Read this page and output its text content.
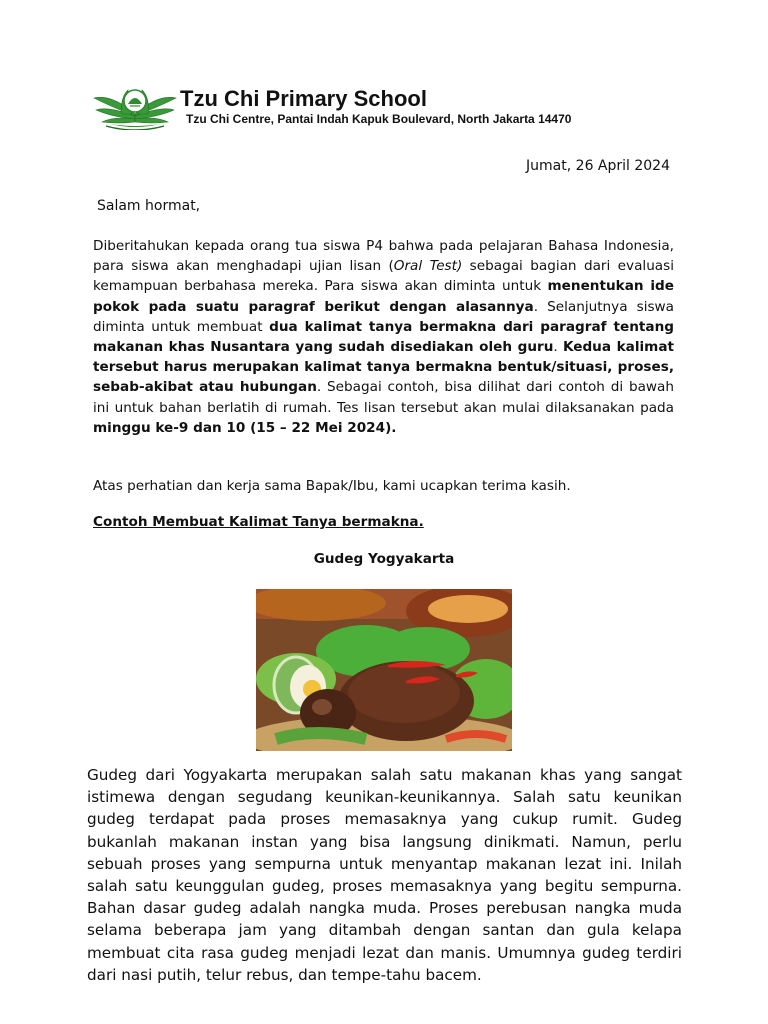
Tzu Chi Primary School
Tzu Chi Centre, Pantai Indah Kapuk Boulevard, North Jakarta 14470
Jumat, 26 April 2024
Salam hormat,

Diberitahukan kepada orang tua siswa P4 bahwa pada pelajaran Bahasa Indonesia, para siswa akan menghadapi ujian lisan (Oral Test) sebagai bagian dari evaluasi kemampuan berbahasa mereka. Para siswa akan diminta untuk menentukan ide pokok pada suatu paragraf berikut dengan alasannya. Selanjutnya siswa diminta untuk membuat dua kalimat tanya bermakna dari paragraf tentang makanan khas Nusantara yang sudah disediakan oleh guru. Kedua kalimat tersebut harus merupakan kalimat tanya bermakna bentuk/situasi, proses, sebab-akibat atau hubungan. Sebagai contoh, bisa dilihat dari contoh di bawah ini untuk bahan berlatih di rumah. Tes lisan tersebut akan mulai dilaksanakan pada minggu ke-9 dan 10 (15 – 22 Mei 2024).

Atas perhatian dan kerja sama Bapak/Ibu, kami ucapkan terima kasih.
Contoh Membuat Kalimat Tanya bermakna.
Gudeg Yogyakarta

Gudeg dari Yogyakarta merupakan salah satu makanan khas yang sangat istimewa dengan segudang keunikan-keunikannya. Salah satu keunikan gudeg terdapat pada proses memasaknya yang cukup rumit. Gudeg bukanlah makanan instan yang bisa langsung dinikmati. Namun, perlu sebuah proses yang sempurna untuk menyantap makanan lezat ini. Inilah salah satu keunggulan gudeg, proses memasaknya yang begitu sempurna. Bahan dasar gudeg adalah nangka muda. Proses perebusan nangka muda selama beberapa jam yang ditambah dengan santan dan gula kelapa membuat cita rasa gudeg menjadi lezat dan manis. Umumnya gudeg terdiri dari nasi putih, telur rebus, dan tempe-tahu bacem.
